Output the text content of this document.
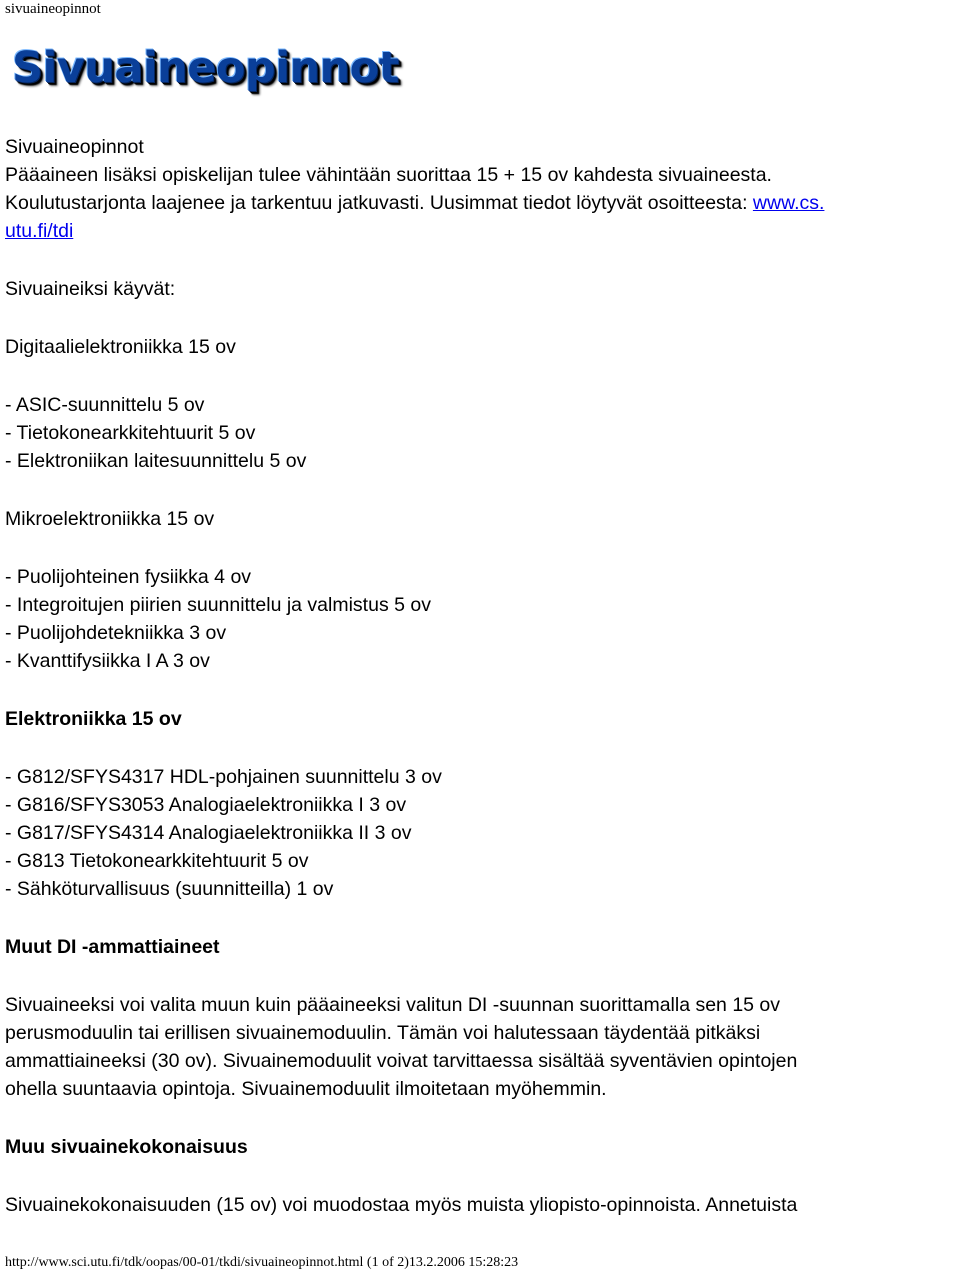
sivuaineopinnot
Sivuaineopinnot

Sivuaineopinnot

Pääaineen lisäksi opiskelijan tulee vähintään suorittaa 15 + 15 ov kahdesta sivuaineesta.

Koulutustarjonta laajenee ja tarkentuu jatkuvasti. Uusimmat tiedot löytyvät osoitteesta: www.cs.

utu.fi/tdi

Sivuaineiksi käyvät:

Digitaalielektroniikka 15 ov

- ASIC-suunnittelu 5 ov

- Tietokonearkkitehtuurit 5 ov

- Elektroniikan laitesuunnittelu 5 ov

Mikroelektroniikka 15 ov

- Puolijohteinen fysiikka 4 ov

- Integroitujen piirien suunnittelu ja valmistus 5 ov

- Puolijohdetekniikka 3 ov

- Kvanttifysiikka I A 3 ov

Elektroniikka 15 ov

- G812/SFYS4317 HDL-pohjainen suunnittelu 3 ov

- G816/SFYS3053 Analogiaelektroniikka I 3 ov

- G817/SFYS4314 Analogiaelektroniikka II 3 ov

- G813 Tietokonearkkitehtuurit 5 ov

- Sähköturvallisuus (suunnitteilla) 1 ov

Muut DI -ammattiaineet

Sivuaineeksi voi valita muun kuin pääaineeksi valitun DI -suunnan suorittamalla sen 15 ov

perusmoduulin tai erillisen sivuainemoduulin. Tämän voi halutessaan täydentää pitkäksi

ammattiaineeksi (30 ov). Sivuainemoduulit voivat tarvittaessa sisältää syventävien opintojen

ohella suuntaavia opintoja. Sivuainemoduulit ilmoitetaan myöhemmin.

Muu sivuainekokonaisuus

Sivuainekokonaisuuden (15 ov) voi muodostaa myös muista yliopisto-opinnoista. Annetuista

http://www.sci.utu.fi/tdk/oopas/00-01/tkdi/sivuaineopinnot.html (1 of 2)13.2.2006 15:28:23
